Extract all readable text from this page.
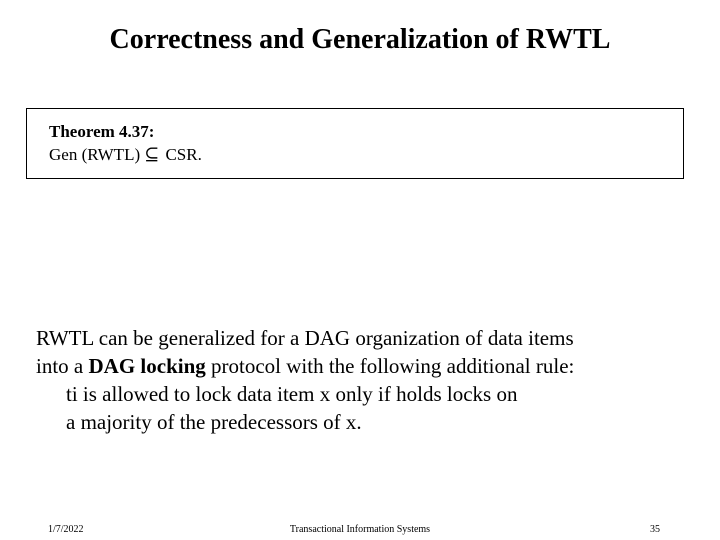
Correctness and Generalization of RWTL
Theorem 4.37:
Gen (RWTL) ⊆ CSR.
RWTL can be generalized for a DAG organization of data items
into a DAG locking protocol with the following additional rule:
ti is allowed to lock data item x only if holds locks on
a majority of the predecessors of x.
1/7/2022	Transactional Information Systems	35
